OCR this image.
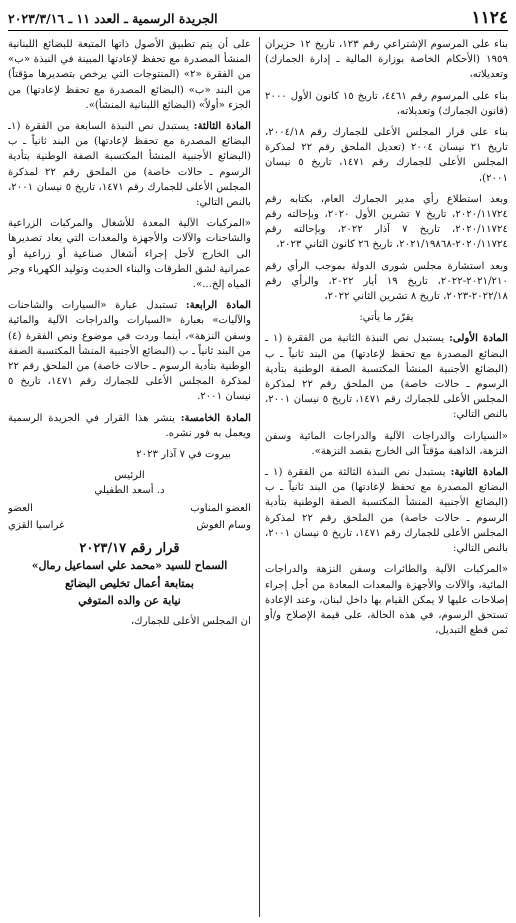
١١٢٤
الجريدة الرسمية ـ العدد ١١ ـ ٢٠٢٣/٣/١٦

بناء على المرسوم الإشتراعي رقم ١٢٣، تاريخ ١٢ حزيران ١٩٥٩ (الأحكام الخاصة بوزارة المالية ـ إدارة الجمارك) وتعديلاته،

بناء على المرسوم رقم ٤٤٦١، تاريخ ١٥ كانون الأول ٢٠٠٠ (قانون الجمارك) وتعديلاته،

بناء على قرار المجلس الأعلى للجمارك رقم ٢٠٠٤/١٨، تاريخ ٢١ نيسان ٢٠٠٤ (تعديل الملحق رقم ٢٢ لمذكرة المجلس الأعلى للجمارك رقم ١٤٧١، تاريخ ٥ نيسان ٢٠٠١)،

وبعد استطلاع رأي مدير الجمارك العام، بكتابه رقم ٢٠٢٠/١١٧٢٤، تاريخ ٧ تشرين الأول ٢٠٢٠، وبإحالته رقم ٢٠٢٠/١١٧٢٤، تاريخ ٧ آذار ٢٠٢٢، وبإحالته رقم ٢٠٢٠/١١٧٢٤-٢٠٢١/١٩٨٦٨، تاريخ ٢٦ كانون الثاني ٢٠٢٣،

وبعد استشارة مجلس شورى الدولة بموجب الرأي رقم ٢٠٢١/٢١٠-٢٠٢٢، تاريخ ١٩ أيار ٢٠٢٢، والرأي رقم ٢٠٢٢/١٨-٢٠٢٣، تاريخ ٨ تشرين الثاني ٢٠٢٢،

يقرّر ما يأتي:

المادة الأولى: يستبدل نص النبذة الثانية من الفقرة (١ ـ البضائع المصدرة مع تحفظ لإعادتها) من البند ثانياً ـ ب (البضائع الأجنبية المنشأ المكتسبة الصفة الوطنية بتأدية الرسوم ـ حالات خاصة) من الملحق رقم ٢٢ لمذكرة المجلس الأعلى للجمارك رقم ١٤٧١، تاريخ ٥ نيسان ٢٠٠١، بالنص التالي:

«السيارات والدراجات الآلية والدراجات المائية وسفن النزهة، الذاهبة مؤقتاً الى الخارج بقصد النزهة».

المادة الثانية: يستبدل نص النبذة الثالثة من الفقرة (١ ـ البضائع المصدرة مع تحفظ لإعادتها) من البند ثانياً ـ ب (البضائع الأجنبية المنشأ المكتسبة الصفة الوطنية بتأدية الرسوم ـ حالات خاصة) من الملحق رقم ٢٢ لمذكرة المجلس الأعلى للجمارك رقم ١٤٧١، تاريخ ٥ نيسان ٢٠٠١، بالنص التالي:

«المركبات الآلية والطائرات وسفن النزهة والدراجات المائية، والآلات والأجهزة والمعدات المعادة من أجل إجراء إصلاحات عليها لا يمكن القيام بها داخل لبنان، وعند الإعادة تستحق الرسوم، في هذه الحالة، على قيمة الإصلاح و/أو ثمن قطع التبديل،

على أن يتم تطبيق الأصول ذاتها المتبعة للبضائع اللبنانية المنشأ المصدرة مع تحفظ لإعادتها المبينة في النبذة «ب» من الفقرة «٢» (المنتوجات التي يرخص بتصديرها مؤقتاً) من البند «ب» (البضائع المصدرة مع تحفظ لإعادتها) من الجزء «أولاً» (البضائع اللبنانية المنشأ)».

المادة الثالثة: يستبدل نص النبذة السابعة من الفقرة (١ـ البضائع المصدرة مع تحفظ لإعادتها) من البند ثانياً ـ ب (البضائع الأجنبية المنشأ المكتسبة الصفة الوطنية بتأدية الرسوم ـ حالات خاصة) من الملحق رقم ٢٢ لمذكرة المجلس الأعلى للجمارك رقم ١٤٧١، تاريخ ٥ نيسان ٢٠٠١، بالنص التالي:

«المركبات الآلية المعدة للأشغال والمركبات الزراعية والشاحنات والآلات والأجهزة والمعدات التي يعاد تصديرها الى الخارج لأجل إجراء أشغال صناعية أو زراعية أو عمرانية لشق الطرقات والبناء الحديث وتوليد الكهرباء وجر المياه إلخ...».

المادة الرابعة: تستبدل عبارة «السيارات والشاحنات والآليات» بعبارة «السيارات والدراجات الآلية والمائية وسفن النزهة»، أينما وردت في موضوع ونص الفقرة (٤) من البند ثانياً ـ ب (البضائع الأجنبية المنشأ المكتسبة الصفة الوطنية بتأدية الرسوم ـ حالات خاصة) من الملحق رقم ٢٢ لمذكرة المجلس الأعلى للجمارك رقم ١٤٧١، تاريخ ٥ نيسان ٢٠٠١.

المادة الخامسة: ينشر هذا القرار في الجريدة الرسمية ويعمل به فور نشره.

بيروت في ٧ آذار ٢٠٢٣

الرئيس
د. أسعد الطفيلي
العضو المناوب
العضو
وسام الغوش
غراسيا القزي
قرار رقم ٢٠٢٣/١٧
السماح للسيد «محمد علي اسماعيل رمال»
بمتابعة أعمال تخليص البضائع
نيابة عن والده المتوفي

ان المجلس الأعلى للجمارك،
